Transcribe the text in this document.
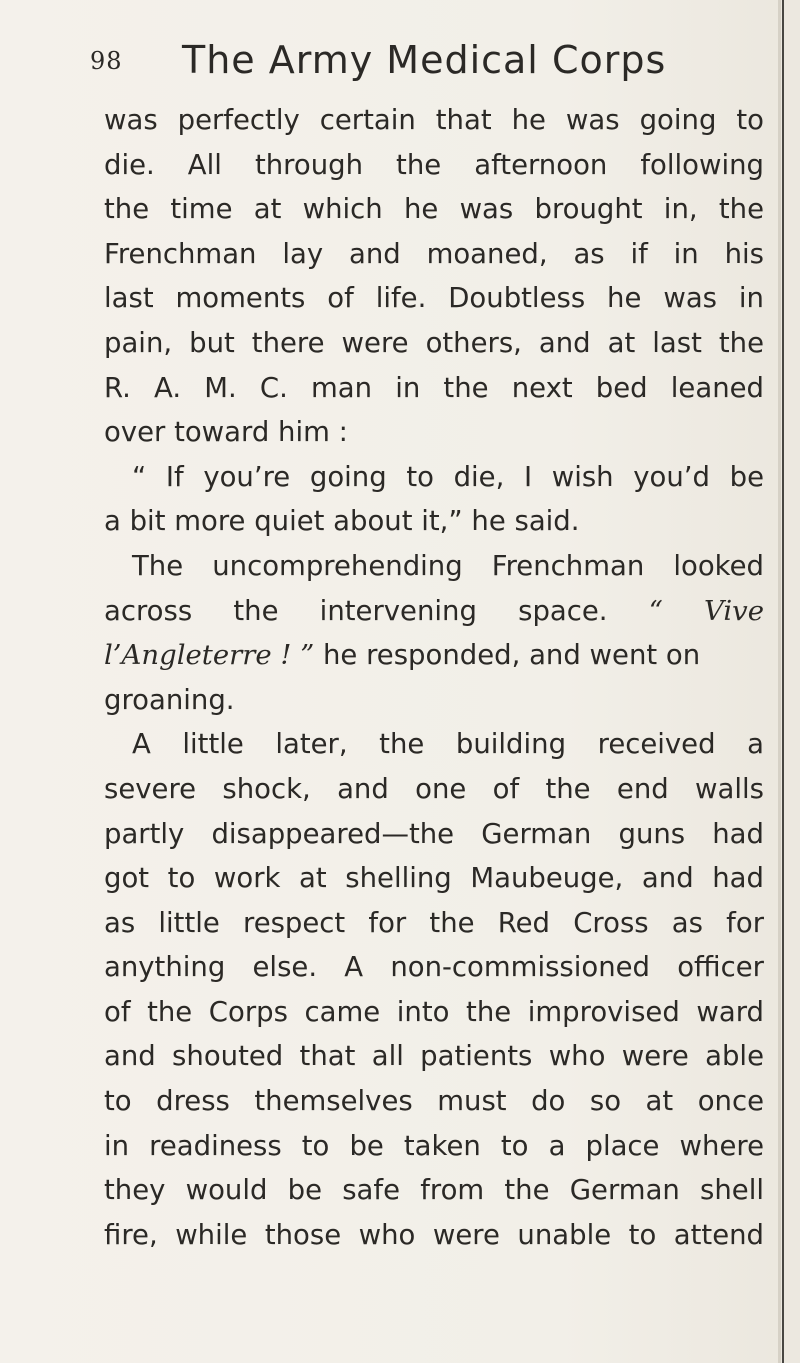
98 The Army Medical Corps
was perfectly certain that he was going to
die. All through the afternoon following
the time at which he was brought in, the
Frenchman lay and moaned, as if in his
last moments of life. Doubtless he was in
pain, but there were others, and at last the
R. A. M. C. man in the next bed leaned
over toward him :
“ If you’re going to die, I wish you’d be
a bit more quiet about it,” he said.
The uncomprehending Frenchman looked
across the intervening space. “ Vive
l’Angleterre ! ” he responded, and went on
groaning.
A little later, the building received a
severe shock, and one of the end walls
partly disappeared—the German guns had
got to work at shelling Maubeuge, and had
as little respect for the Red Cross as for
anything else. A non-commissioned officer
of the Corps came into the improvised ward
and shouted that all patients who were able
to dress themselves must do so at once
in readiness to be taken to a place where
they would be safe from the German shell
fire, while those who were unable to attend
